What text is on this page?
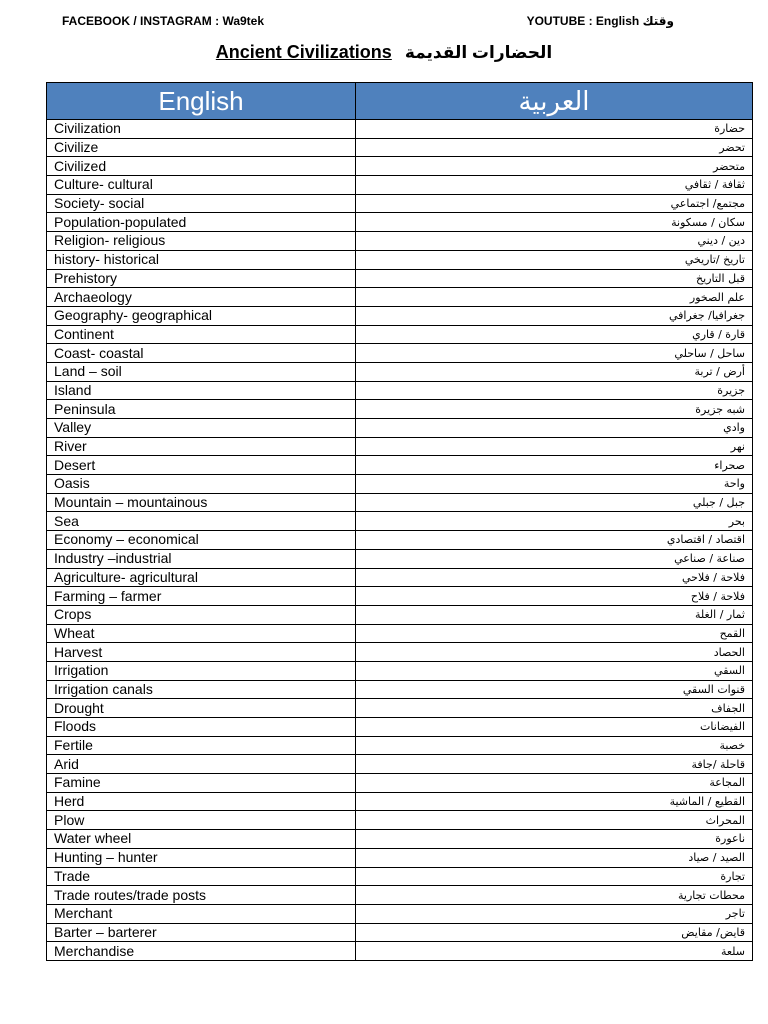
FACEBOOK / INSTAGRAM : Wa9tek	YOUTUBE : English وقتك
Ancient Civilizations الحضارات القديمة
English	العربية
Civilization	حضارة
Civilize	تحضر
Civilized	متحضر
Culture- cultural	ثقافة / ثقافي
Society- social	مجتمع/ اجتماعي
Population-populated	سكان / مسكونة
Religion- religious	دين / ديني
history- historical	تاريخ /تاريخي
Prehistory	قبل التاريخ
Archaeology	علم الصخور
Geography- geographical	جغرافيا/ جغرافي
Continent	قارة / قاري
Coast- coastal	ساحل / ساحلي
Land – soil	أرض / تربة
Island	جزيرة
Peninsula	شبه جزيرة
Valley	وادي
River	نهر
Desert	صحراء
Oasis	واحة
Mountain – mountainous	جبل / جبلي
Sea	بحر
Economy – economical	اقتصاد / اقتصادي
Industry –industrial	صناعة / صناعي
Agriculture- agricultural	فلاحة / فلاحي
Farming – farmer	فلاحة / فلاح
Crops	ثمار / الغلة
Wheat	القمح
Harvest	الحصاد
Irrigation	السقي
Irrigation canals	قنوات السقي
Drought	الجفاف
Floods	الفيضانات
Fertile	خصبة
Arid	قاحلة /جافة
Famine	المجاعة
Herd	القطيع / الماشية
Plow	المحراث
Water wheel	ناعورة
Hunting – hunter	الصيد / صياد
Trade	تجارة
Trade routes/trade posts	محطات تجارية
Merchant	تاجر
Barter – barterer	قايض/ مقايض
Merchandise	سلعة
